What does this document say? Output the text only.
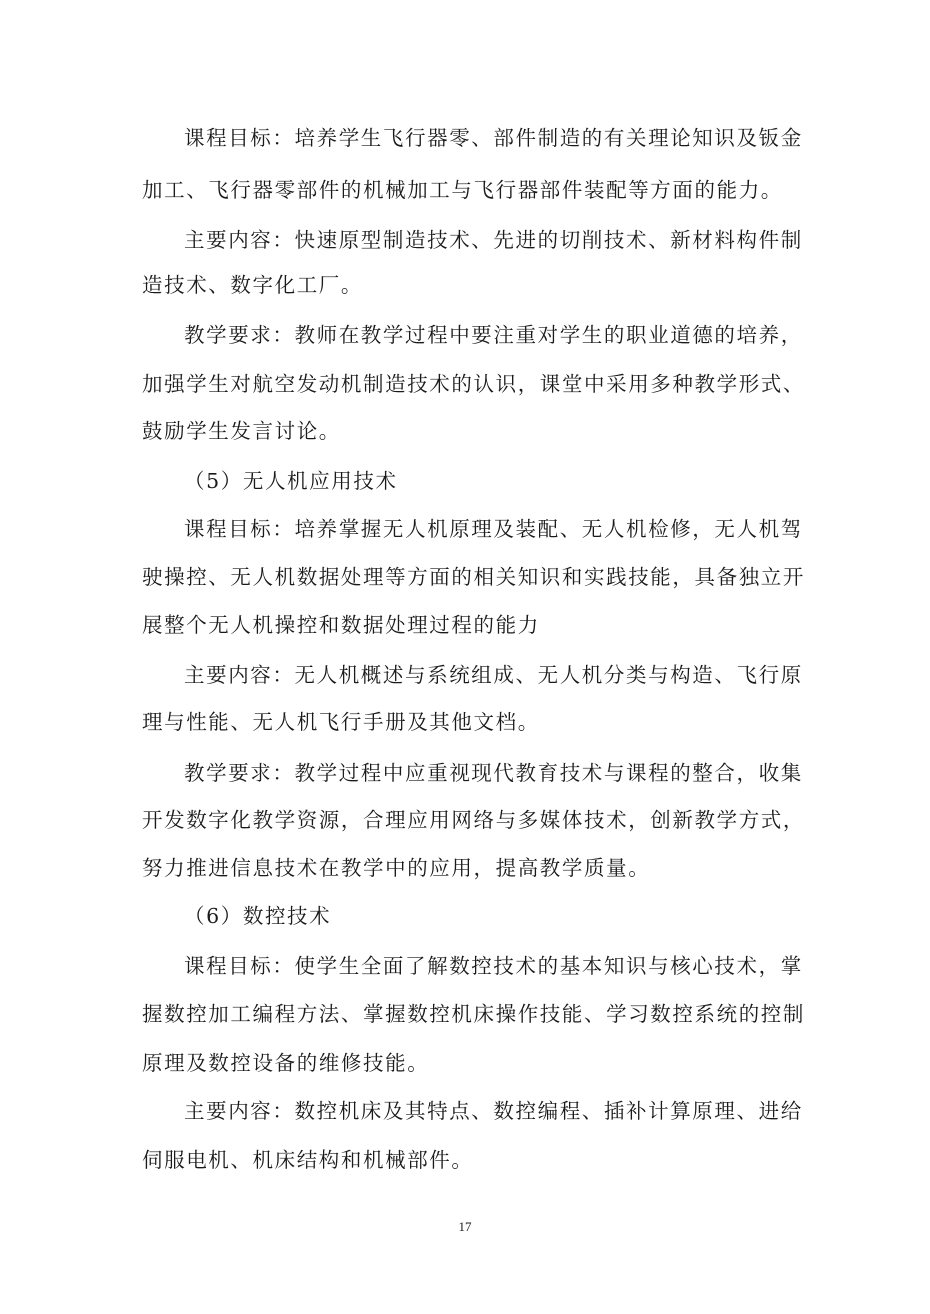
课程目标：培养学生飞行器零、部件制造的有关理论知识及钣金
加工、飞行器零部件的机械加工与飞行器部件装配等方面的能力。
主要内容：快速原型制造技术、先进的切削技术、新材料构件制
造技术、数字化工厂。
教学要求：教师在教学过程中要注重对学生的职业道德的培养，
加强学生对航空发动机制造技术的认识，课堂中采用多种教学形式、
鼓励学生发言讨论。
（5）无人机应用技术
课程目标：培养掌握无人机原理及装配、无人机检修，无人机驾
驶操控、无人机数据处理等方面的相关知识和实践技能，具备独立开
展整个无人机操控和数据处理过程的能力
主要内容：无人机概述与系统组成、无人机分类与构造、飞行原
理与性能、无人机飞行手册及其他文档。
教学要求：教学过程中应重视现代教育技术与课程的整合，收集
开发数字化教学资源，合理应用网络与多媒体技术，创新教学方式，
努力推进信息技术在教学中的应用，提高教学质量。
（6）数控技术
课程目标：使学生全面了解数控技术的基本知识与核心技术，掌
握数控加工编程方法、掌握数控机床操作技能、学习数控系统的控制
原理及数控设备的维修技能。
主要内容：数控机床及其特点、数控编程、插补计算原理、进给
伺服电机、机床结构和机械部件。
17
